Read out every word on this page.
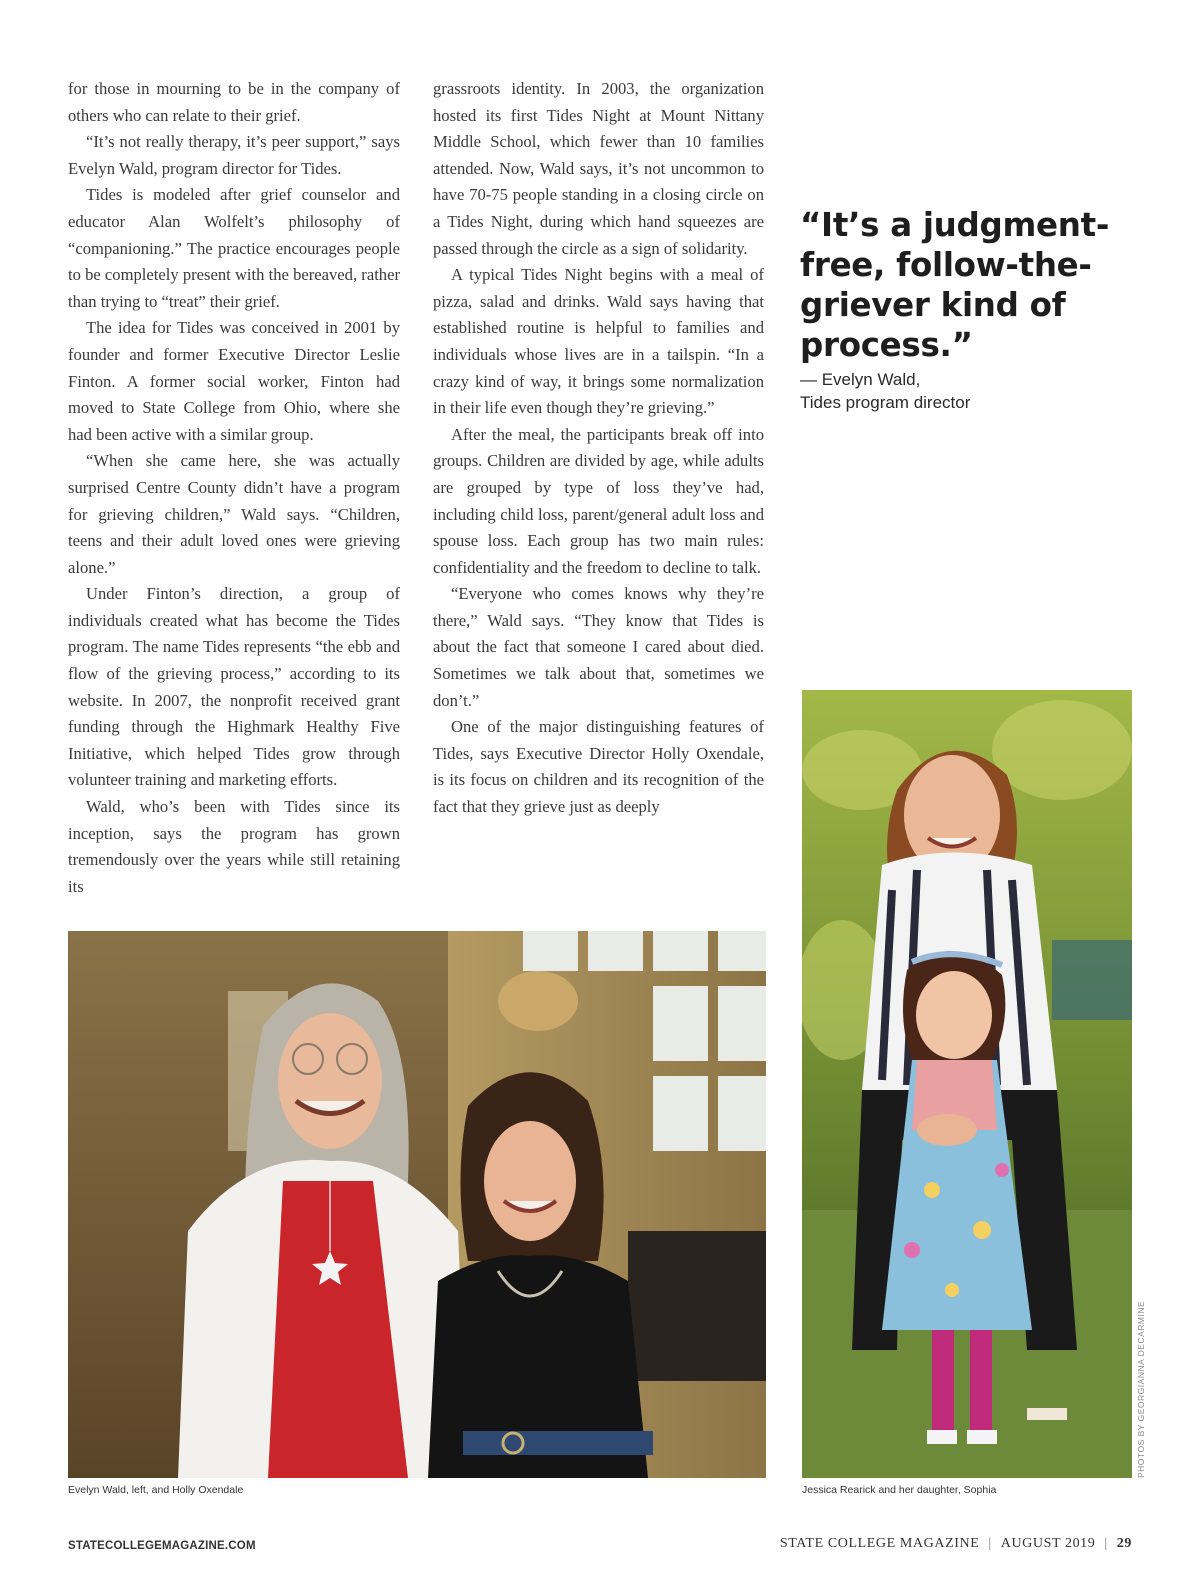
for those in mourning to be in the company of others who can relate to their grief.

“It’s not really therapy, it’s peer support,” says Evelyn Wald, program director for Tides.

Tides is modeled after grief counselor and educator Alan Wolfelt’s philosophy of “companioning.” The practice encourages people to be completely present with the bereaved, rather than trying to “treat” their grief.

The idea for Tides was conceived in 2001 by founder and former Executive Director Leslie Finton. A former social worker, Finton had moved to State College from Ohio, where she had been active with a similar group.

“When she came here, she was actually surprised Centre County didn’t have a program for grieving children,” Wald says. “Children, teens and their adult loved ones were grieving alone.”

Under Finton’s direction, a group of individuals created what has become the Tides program. The name Tides represents “the ebb and flow of the grieving process,” according to its website. In 2007, the nonprofit received grant funding through the Highmark Healthy Five Initiative, which helped Tides grow through volunteer training and marketing efforts.

Wald, who’s been with Tides since its inception, says the program has grown tremendously over the years while still retaining its

grassroots identity. In 2003, the organization hosted its first Tides Night at Mount Nittany Middle School, which fewer than 10 families attended. Now, Wald says, it’s not uncommon to have 70-75 people standing in a closing circle on a Tides Night, during which hand squeezes are passed through the circle as a sign of solidarity.

A typical Tides Night begins with a meal of pizza, salad and drinks. Wald says having that established routine is helpful to families and individuals whose lives are in a tailspin. “In a crazy kind of way, it brings some normalization in their life even though they’re grieving.”

After the meal, the participants break off into groups. Children are divided by age, while adults are grouped by type of loss they’ve had, including child loss, parent/general adult loss and spouse loss. Each group has two main rules: confidentiality and the freedom to decline to talk.

“Everyone who comes knows why they’re there,” Wald says. “They know that Tides is about the fact that someone I cared about died. Sometimes we talk about that, sometimes we don’t.”

One of the major distinguishing features of Tides, says Executive Director Holly Oxendale, is its focus on children and its recognition of the fact that they grieve just as deeply

“It’s a judgment-free, follow-the-griever kind of process.”
— Evelyn Wald,
Tides program director
Evelyn Wald, left, and Holly Oxendale	Jessica Rearick and her daughter, Sophia
PHOTOS BY GEORGIANNA DECARMINE
STATECOLLEGEMAGAZINE.COM	STATE COLLEGE MAGAZINE | AUGUST 2019 | 29
